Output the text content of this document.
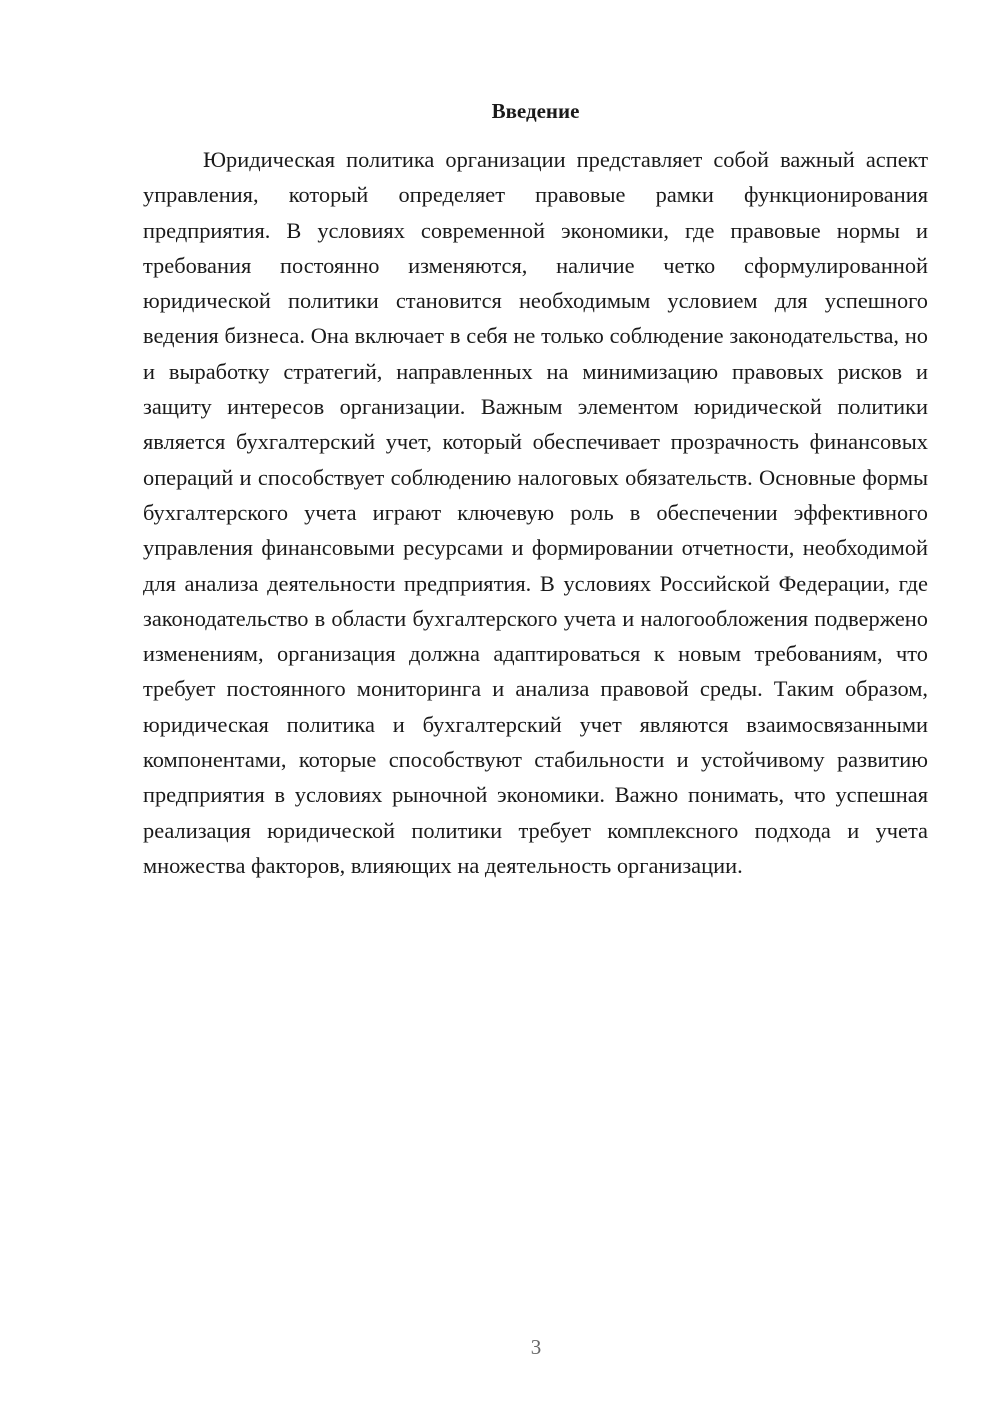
Введение

Юридическая политика организации представляет собой важный аспект управления, который определяет правовые рамки функционирования предприятия. В условиях современной экономики, где правовые нормы и требования постоянно изменяются, наличие четко сформулированной юридической политики становится необходимым условием для успешного ведения бизнеса. Она включает в себя не только соблюдение законодательства, но и выработку стратегий, направленных на минимизацию правовых рисков и защиту интересов организации. Важным элементом юридической политики является бухгалтерский учет, который обеспечивает прозрачность финансовых операций и способствует соблюдению налоговых обязательств. Основные формы бухгалтерского учета играют ключевую роль в обеспечении эффективного управления финансовыми ресурсами и формировании отчетности, необходимой для анализа деятельности предприятия. В условиях Российской Федерации, где законодательство в области бухгалтерского учета и налогообложения подвержено изменениям, организация должна адаптироваться к новым требованиям, что требует постоянного мониторинга и анализа правовой среды. Таким образом, юридическая политика и бухгалтерский учет являются взаимосвязанными компонентами, которые способствуют стабильности и устойчивому развитию предприятия в условиях рыночной экономики. Важно понимать, что успешная реализация юридической политики требует комплексного подхода и учета множества факторов, влияющих на деятельность организации.

3
